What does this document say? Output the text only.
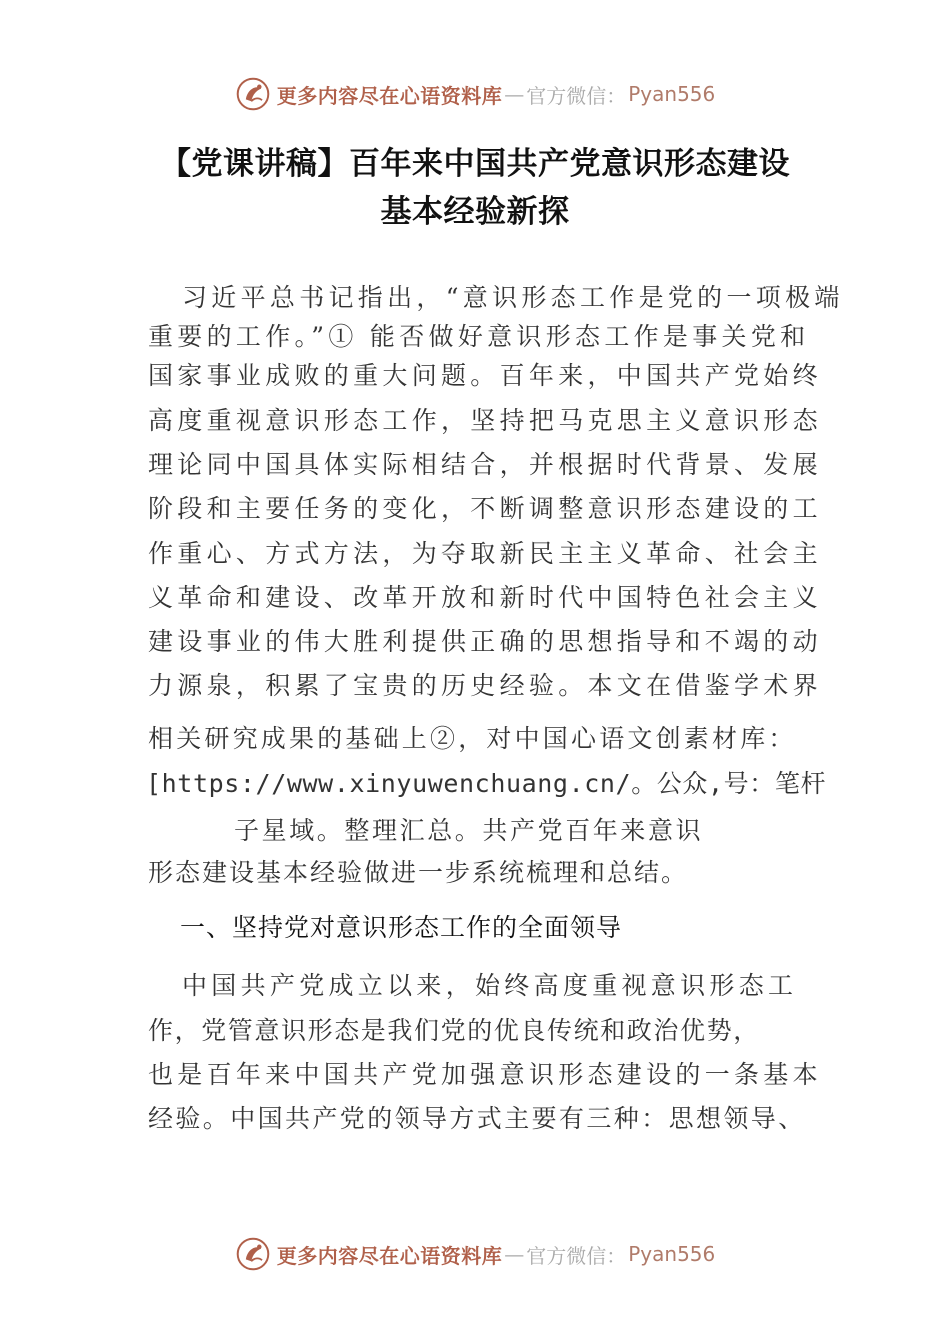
更多内容尽在心语资料库 — 官方微信： Pyan556
【党课讲稿】百年来中国共产党意识形态建设
基本经验新探
习近平总书记指出，“意识形态工作是党的一项极端
重要的工作。”① 能否做好意识形态工作是事关党和
国家事业成败的重大问题。百年来，中国共产党始终
高度重视意识形态工作，坚持把马克思主义意识形态
理论同中国具体实际相结合，并根据时代背景、发展
阶段和主要任务的变化，不断调整意识形态建设的工
作重心、方式方法，为夺取新民主主义革命、社会主
义革命和建设、改革开放和新时代中国特色社会主义
建设事业的伟大胜利提供正确的思想指导和不竭的动
力源泉，积累了宝贵的历史经验。本文在借鉴学术界
相关研究成果的基础上②，对中国心语文创素材库：
[https://www.xinyuwenchuang.cn/。公众,号：笔杆
子星域。整理汇总。共产党百年来意识
形态建设基本经验做进一步系统梳理和总结。
一、坚持党对意识形态工作的全面领导
中国共产党成立以来，始终高度重视意识形态工
作，党管意识形态是我们党的优良传统和政治优势，
也是百年来中国共产党加强意识形态建设的一条基本
经验。中国共产党的领导方式主要有三种：思想领导、
更多内容尽在心语资料库 — 官方微信： Pyan556
